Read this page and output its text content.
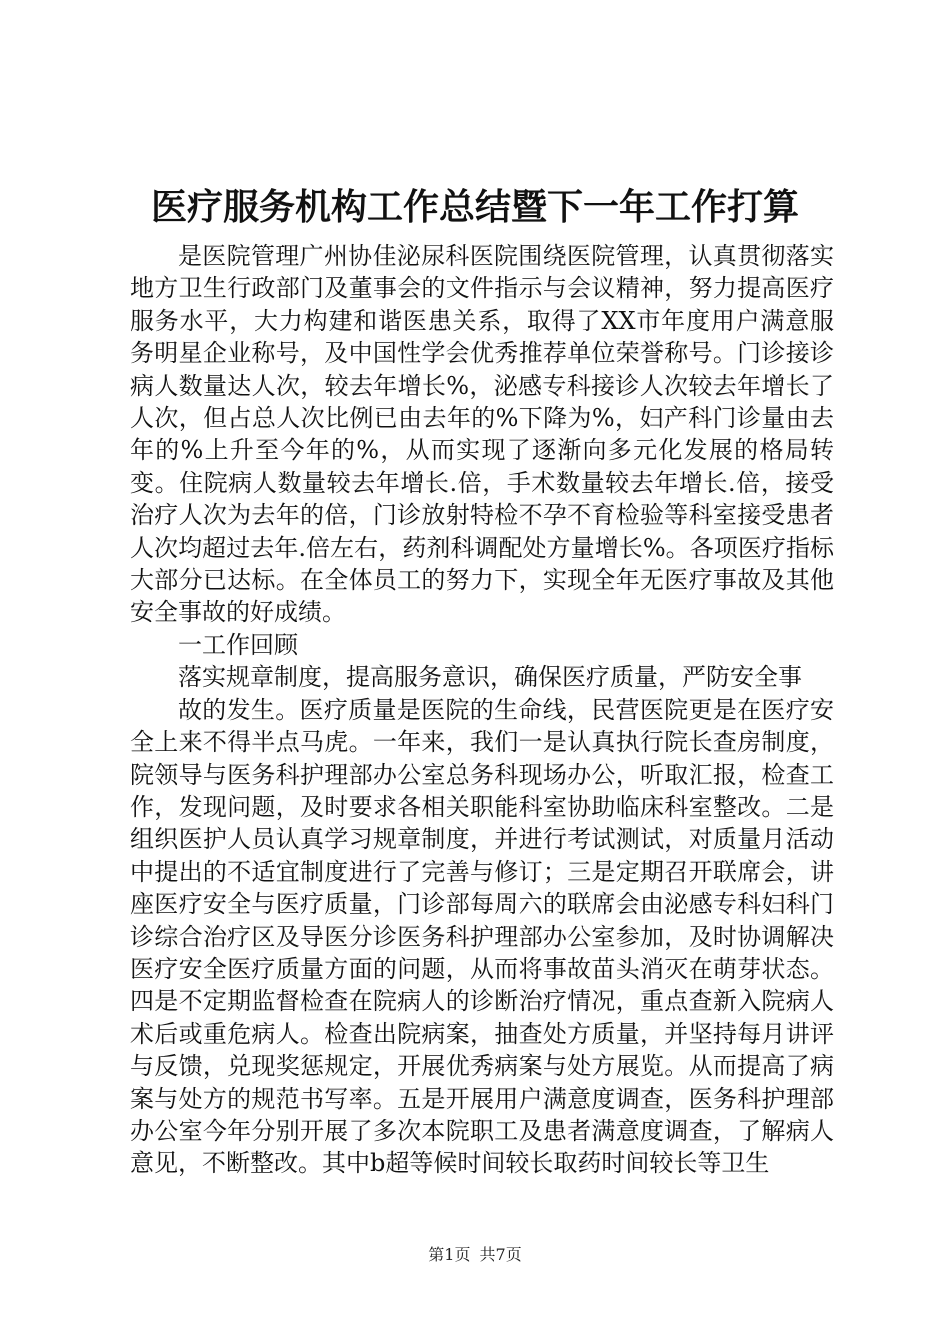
医疗服务机构工作总结暨下一年工作打算

是医院管理广州协佳泌尿科医院围绕医院管理，认真贯彻落实地方卫生行政部门及董事会的文件指示与会议精神，努力提高医疗服务水平，大力构建和谐医患关系，取得了XX市年度用户满意服务明星企业称号，及中国性学会优秀推荐单位荣誉称号。门诊接诊病人数量达人次，较去年增长%，泌感专科接诊人次较去年增长了人次，但占总人次比例已由去年的%下降为%，妇产科门诊量由去年的%上升至今年的%，从而实现了逐渐向多元化发展的格局转变。住院病人数量较去年增长.倍，手术数量较去年增长.倍，接受治疗人次为去年的倍，门诊放射特检不孕不育检验等科室接受患者人次均超过去年.倍左右，药剂科调配处方量增长%。各项医疗指标大部分已达标。在全体员工的努力下，实现全年无医疗事故及其他安全事故的好成绩。

一工作回顾

落实规章制度，提高服务意识，确保医疗质量，严防安全事

故的发生。医疗质量是医院的生命线，民营医院更是在医疗安全上来不得半点马虎。一年来，我们一是认真执行院长查房制度，院领导与医务科护理部办公室总务科现场办公，听取汇报，检查工作，发现问题，及时要求各相关职能科室协助临床科室整改。二是组织医护人员认真学习规章制度，并进行考试测试，对质量月活动中提出的不适宜制度进行了完善与修订；三是定期召开联席会，讲座医疗安全与医疗质量，门诊部每周六的联席会由泌感专科妇科门诊综合治疗区及导医分诊医务科护理部办公室参加，及时协调解决医疗安全医疗质量方面的问题，从而将事故苗头消灭在萌芽状态。四是不定期监督检查在院病人的诊断治疗情况，重点查新入院病人术后或重危病人。检查出院病案，抽查处方质量，并坚持每月讲评与反馈，兑现奖惩规定，开展优秀病案与处方展览。从而提高了病案与处方的规范书写率。五是开展用户满意度调查，医务科护理部办公室今年分别开展了多次本院职工及患者满意度调查，了解病人意见，不断整改。其中b超等候时间较长取药时间较长等卫生

第1页 共7页
